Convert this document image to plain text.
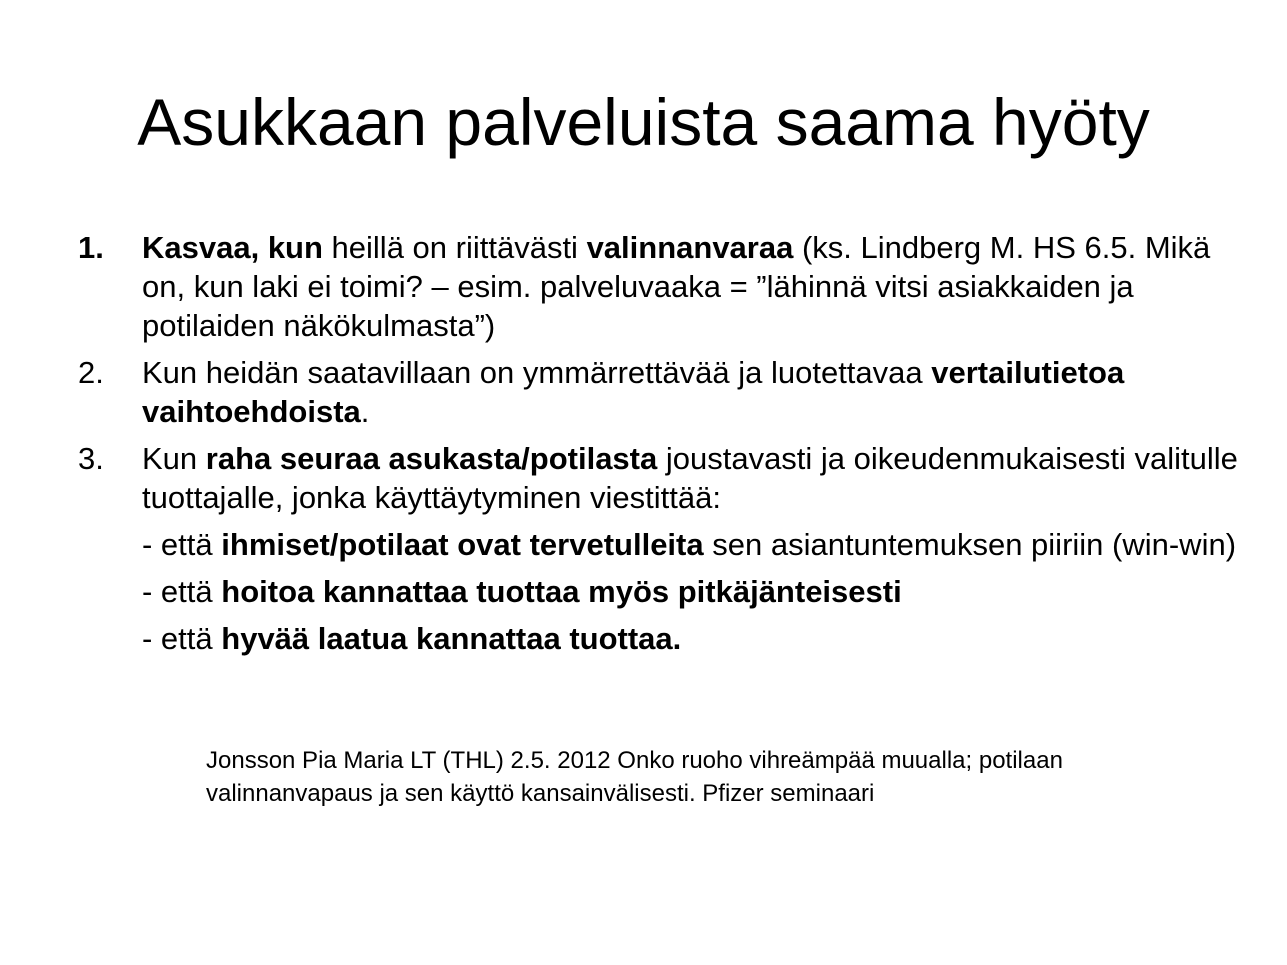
Asukkaan palveluista saama hyöty
1.	Kasvaa, kun heillä on riittävästi valinnanvaraa (ks. Lindberg M. HS 6.5. Mikä on, kun laki ei toimi? – esim. palveluvaaka = ”lähinnä vitsi asiakkaiden ja potilaiden näkökulmasta”)
2.	Kun heidän saatavillaan on ymmärrettävää ja luotettavaa vertailutietoa vaihtoehdoista.
3.	Kun raha seuraa asukasta/potilasta joustavasti ja oikeudenmukaisesti valitulle tuottajalle, jonka käyttäytyminen viestittää:
- että ihmiset/potilaat ovat tervetulleita sen asiantuntemuksen piiriin (win-win)
- että hoitoa kannattaa tuottaa myös pitkäjänteisesti
- että hyvää laatua kannattaa tuottaa.
Jonsson Pia Maria LT (THL) 2.5. 2012 Onko ruoho vihreämpää muualla; potilaan
valinnanvapaus ja sen käyttö kansainvälisesti. Pfizer seminaari
